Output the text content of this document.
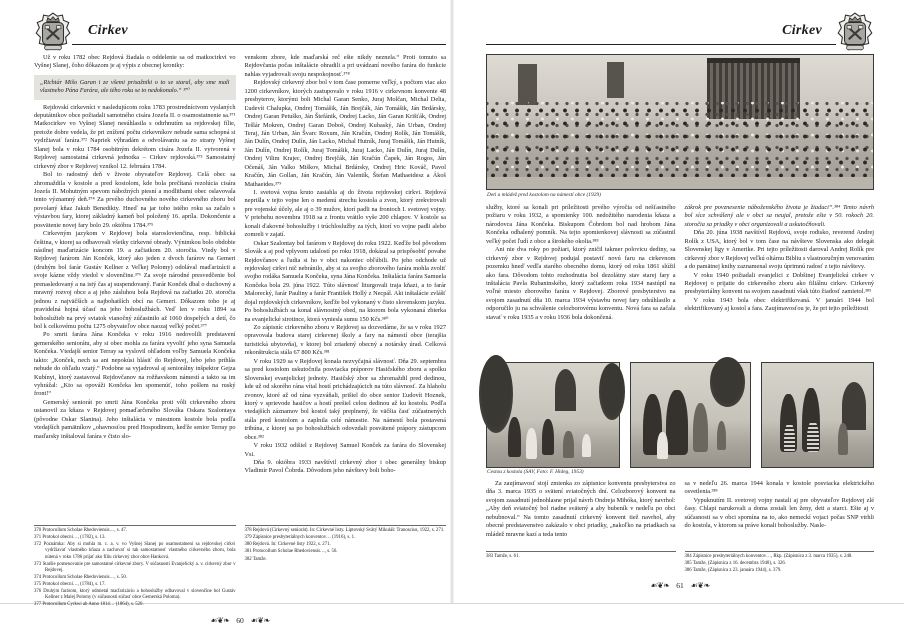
Cirkev

Už v roku 1782 obec Rejdová žiadala o oddelenie sa od matkocirkvi vo Vyšnej Slanej, čoho dôkazom je aj výpis z obecnej kroniky:

„Richtár Mišo Garan i ze všemi prisažniki o to se staral, aby sme mali vlastneho Pána Farára, ale tého roku se to nedokonalo.“ ³⁷⁰

Rejdovskí cirkevníci v nasledujúcom roku 1783 prostredníctvom vyslaných deputátnikov obce požiadali samotného cisára Jozefa II. o osamostatnenie sa.³⁷¹ Matkocirkev vo Vyšnej Slanej nesúhlasila s odtrhnutím sa rejdovskej fílie, pretože dobre vedela, že pri znížení počtu cirkevníkov nebude sama schopná si vydržiavať farára.³⁷² Napriek výhradám a odvolávaniu sa zo strany Vyšnej Slanej bola v roku 1784 osobitným dekrétom cisára Jozefa II. vytvorená v Rejdovej samostatná cirkevná jednotka – Cirkev rejdovská.³⁷³ Samostatný cirkevný zbor v Rejdovej vznikol 12. februára 1784.

Bol to radostný deň v živote obyvateľov Rejdovej. Celá obec sa zhromaždila v kostole a pred kostolom, kde bola prečítaná rezolúcia cisára Jozefa II. Mohutným spevom nábožných piesní a modlitbami obec oslavovala tento významný deň.³⁷⁴ Za prvého duchovného nového cirkevného zboru bol povolaný kňaz Jakub Benedikty. Hneď na jar toho istého roku sa začalo s výstavbou fary, ktorej základný kameň bol položený 16. apríla. Dokončenie a posvätenie novej fary bolo 29. októbra 1784.³⁷⁵

Cirkevným jazykom v Rejdovej bola staroslovienčina, resp. biblická čeština, v ktorej sa odbavovali všetky cirkevné obrady. Výnimkou bolo obdobie násilnej maďarizácie koncom 19. a začiatkom 20. storočia. Vtedy bol v Rejdovej farárom Ján Konček, ktorý ako jeden z dvoch farárov na Gemeri (druhým bol farár Gustáv Kellner z Veľkej Polomy) odolával maďarizácii a svoje kázne vždy viedol v slovenčine.³⁷⁶ Za svoje národné presvedčenie bol prenasledovaný a na istý čas aj suspendovaný. Farár Konček dbal o duchovný a mravný rozvoj obce a aj jeho zásluhou bola Rejdová na začiatku 20. storočia jednou z najväčších a najbohatších obcí na Gemeri. Dôkazom toho je aj pravidelná hojná účasť na jeho bohoslužbách. Veď len v roku 1894 sa bohoslužieb na prvý sviatok vianočný zúčastnilo až 1060 dospelých a detí, čo bol k celkovému počtu 1275 obyvateľov obce naozaj veľký počet.³⁷⁷

Po smrti farára Jána Končeka v roku 1916 nedovolili predstavení gemerského seniorátu, aby si obec mohla za farára vyvoliť jeho syna Samuela Končeka. Vtedajší senior Terray sa vyslovil ohľadom voľby Samuela Končeka takto: „Konček, nech sa ani nepokúsi hlásiť do Rejdovej, lebo jeho prihlás nebude do ohľadu vzatý.“ Podobne sa vyjadroval aj seniorálny inšpektor Gejza Kubínyi, ktorý zastavoval Rejdovčanov na rožňavskom námestí a takto sa im vyhrážal: „Kto sa opováži Končeka len spomenúť, toho pošlem na ruský front!“

Gemerský seniorát po smrti Jána Končeka proti vôli cirkevného zboru ustanovil za kňaza v Rejdovej pomaďarčeného Slováka Oskara Szalontaya (pôvodne Oskar Slanina). Jeho inštalácia v miestnom kostole bola podľa vtedajších pamätníkov „ohavnosťou pred Hospodinom, keďže senior Terray po maďarsky inštaloval farára v čisto slo-

venskom zbore, kde maďarská reč ešte nikdy neznela.“ Proti tomuto sa Rejdovčania počas inštalácie ohradili a pri uvádzaní nového farára do funkcie nahlas vyjadrovali svoju nespokojnosť.³⁷⁸

Rejdovský cirkevný zbor bol v tom čase pomerne veľký, s počtom viac ako 1200 cirkevníkov, ktorých zastupovalo v roku 1916 v cirkevnom konvente 48 presbyterov, ktorými boli Michal Garan Senko, Juraj Molčan, Michal Delia, Ľudevít Chalupka, Ondrej Tomášik, Ján Brejčák, Ján Tomášik, Ján Brdársky, Ondrej Garan Petuško, Ján Štefánik, Ondrej Lacko, Ján Garan Krišťák, Ondrej Tešlár Mokren, Ondrej Garan Doboš, Ondrej Kubaský, Ján Urban, Ondrej Teraj, Ján Urban, Ján Švarc Roxum, Ján Kračún, Ondrej Rolík, Ján Tomášik, Ján Dulín, Ondrej Dulín, Ján Lacko, Michal Hutník, Juraj Tomášik, Ján Hutník, Ján Dulín, Ondrej Rolík, Juraj Tomášik, Juraj Lacko, Ján Dulín, Juraj Dulín, Ondrej Vilim Krajec, Ondrej Brejčák, Ján Kračún Čapek, Ján Rogos, Ján Očenáš, Ján Valko Miškov, Michal Brdársky, Ondrej Hric Kováč, Pavol Kračún, Ján Gollan, Ján Kračún, Ján Valentík, Štefan Mathaeidesz a Ákoš Mathaeides.³⁷⁹

I. svetová vojna kruto zasiahla aj do života rejdovskej cirkvi. Rejdová neprišla v tejto vojne len o medenú strechu kostola a zvon, ktorý zrekvirovali pre vojenské účely, ale aj o 39 mužov, ktorí padli na frontoch I. svetovej vojny. V priebehu novembra 1918 sa z frontu vrátilo vyše 200 chlapov. V kostole sa konali ďakovné bohoslužby i trúchloslužby za tých, ktorí vo vojne padli alebo zomreli v zajatí.

Oskar Szalontay bol farárom v Rejdovej do roku 1922. Keďže bol pôvodom Slovák a aj pod vplyvom udalostí po roku 1918, dokázal sa prispôsobiť povahe Rejdovčanov a ľudia si ho v obci nakoniec obľúbili. Po jeho odchode už rejdovskej cirkvi nič nebránilo, aby si za svojho zborového farára mohla zvoliť svojho rodáka Samuela Končeka, syna Jána Končeka. Inštalácia farára Samuela Končeka bola 29. júna 1922. Túto slávnosť liturgovali traja kňazi, a to farár Malorecký, farár Pauliny a farár František Hollý z Necpál. Akt inštalácie zvlášť dojal rejdovských cirkevníkov, keďže bol vykonaný v čisto slovenskom jazyku. Po bohoslužbách sa konal slávnostný obed, na ktorom bola vykonaná zbierka na evanjelické sirotince, ktorá vyniesla sumu 150 Kčs.³⁸⁰

Zo zápisníc cirkevného zboru v Rejdovej sa dozvedáme, že sa v roku 1927 opravovala budova starej cirkevnej školy a fary na námestí obce (terajšia turistická ubytovňa), v ktorej bol zriadený obecný a notársky úrad. Celková rekonštrukcia stála 67 800 Kčs.³⁸¹

V roku 1929 sa v Rejdovej konala nezvyčajná slávnosť. Dňa 29. septembra sa pred kostolom uskutočnila posviacka práporov Hasičského zboru a spolku Slovenskej evanjelickej jednoty. Hasičský zbor sa zhromaždil pred dedinou, kde už od skorého rána vítal hostí prichádzajúcich na túto slávnosť. Za hlaholu zvonov, ktoré až od rána vyzváňali, prišiel do obce senior Ľudovít Hoznek, ktorý v sprievode hasičov a hostí prešiel celou dedinou až ku kostolu. Podľa vtedajších záznamov bol kostol taký preplnený, že väčšia časť zúčastnených stála pred kostolom a zaplnila celé námestie. Na námestí bola postavená tribúna, z ktorej sa po bohoslužbách odovzdali posvätené prápory zástupcom obce.³⁸²

V roku 1932 odišiel z Rejdovej Samuel Konček za farára do Slovenskej Vsi.

Dňa 9. októbra 1933 navštívil cirkevný zbor i obec generálny biskup Vladimír Pavol Čobrda. Dôvodom jeho návštevy boli boho-

370 Protocollum Scholae Rhedoviensis…, s. 47.

371 Protokol obecní…, (1782), s. 13.

372 Poznámka: Aby si mohla m. c. a. v. vo Vyšnej Slanej po osamostatnení sa rejdovskej cirkvi vydržiavať vlastného kňaza a zachovať si tak samostatnosť vlastného cirkevného zboru, bola nútená v roku 1786 prijať ako fíliu cirkevný zbor obce Hanková.

373 Staršie pomenovanie pre samostatné cirkevné zbory. V súčasnosti Evanjelický a. v. cirkevný zbor v Rejdovej.

374 Protocollum Scholae Rhedoviensis…, s. 50.

375 Protokol obecní…, (1784), s. 17.

376 Druhým farárom, ktorý odmietal maďarizáciu a bohoslužby odbavoval v slovenčine bol Gustáv Kellner z Malej Polomy (v súčasnosti súčasť obce Gemerská Poloma).

377 Protocollum Cyrkwi ab Anno 1814… (1864), s. 520.

378 Rejdová (Cirkevný seniorát). In: Cirkevné listy. Liptovský Svätý Mikuláš: Tranoscius, 1922, s. 271.

379 Zápisnice presbyteriálnych konventov… (1916), s. 1.

380 Rejdová. In: Cirkevné listy 1922, s. 271.

381 Protocollum Scholae Rhedoviensis…, s. 56.

382 Tamže.

☙❦❧ 60 ☙❦❧
Cirkev
Deti a mládež pred kostolom na námestí obce (1929)

služby, ktoré sa konali pri príležitosti prvého výročia od nešťastného požiaru v roku 1932, a spomienky 100. nedožitého narodenia kňaza a národovca Jána Končeka. Biskupom Čobrdom bol nad hrobom Jána Končeka odhalený pomník. Na tejto spomienkovej slávnosti sa zúčastnil veľký počet ľudí z obce a širokého okolia.³⁸³

Ani nie dva roky po požiari, ktorý zničil takmer polovicu dediny, sa cirkevný zbor v Rejdovej podujal postaviť novú faru na cirkevnom pozemku hneď vedľa starého obecného domu, ktorý od roku 1861 slúžil ako fara. Dôvodom tohto rozhodnutia bol dezolátny stav starej fary a inštalácia Pavla Rubaninského, ktorý začiatkom roka 1934 nastúpil na voľné miesto zborového farára v Rejdovej. Zborové presbyterstvo na svojom zasadnutí dňa 10. marca 1934 výstavbu novej fary odsúhlasilo a odporučilo ju na schválenie celozborovému konventu. Nová fara sa začala stavať v roku 1935 a v roku 1936 bola dokončená.

zákrok pre povznesenie náboženského života je žiaduci“.³⁸⁴ Tento návrh bol síce schválený ale v obci sa neujal, pretože ešte v 50. rokoch 20. storočia sa priadky v obci organizovali a uskutočňovali.

Dňa 20. júna 1938 navštívil Rejdovú, svoje rodisko, reverend Andrej Rolík z USA, ktorý bol v tom čase na návšteve Slovenska ako delegát Slovenskej ligy v Amerike. Pri tejto príležitosti daroval Andrej Rolík pre cirkevný zbor v Rejdovej veľkú oltárnu Bibliu s vlastnoručným venovaním a do pamätnej knihy zaznamenal svoju úprimnú radosť z tejto návštevy.

V roku 1940 požiadali evanjelici z Dobšinej Evanjelickú cirkev v Rejdovej o prijatie do cirkevného zboru ako filiálnu cirkev. Cirkevný presbyteriálny konvent na svojom zasadnutí však túto žiadosť zamietol.³⁸⁵

V roku 1943 bola obec elektrifikovaná. V januári 1944 bol elektrifikovaný aj kostol a fara. Zaujímavosťou je, že pri tejto príležitosti

Cestou z kostola (SAV, Foto: F. Hideg, 1953)

Za zaujímavosť stojí zmienka zo zápisnice konventu presbyterstva zo dňa 3. marca 1935 o svätení sviatočných dní. Celozborový konvent na svojom zasadnutí jednohlasne prijal návrh Ondreja Mihóka, ktorý navrhol: „Aby deň sviatočný bol riadne svätený a aby bubeník v nedeľu po obci nebubnoval.“ Na tomto zasadnutí cirkevný konvent tiež navrhol, aby obecné predstavenstvo zakázalo v obci priadky, „nakoľko na priadkach sa mládež mravne kazí a teda tento

sa v nedeľu 26. marca 1944 konala v kostole posviacka elektrického osvetlenia.³⁸⁶

Vypuknutím II. svetovej vojny nastali aj pre obyvateľov Rejdovej zlé časy. Chlapi narukovali a doma zostali len ženy, deti a starci. Ešte aj v súčasnosti sa v obci spomína na to, ako nemeckí vojaci počas SNP vtrhli do kostola, v ktorom sa práve konali bohoslužby. Nasle-

383 Tamže, s. 61.	384 Zápisnice presbyteriálnych konventov…, Rkp. (Zápisnica z 3. marca 1935), s. 248.

385 Tamže, (Zápisnica z 16. decembra 1940), s. 326.

386 Tamže, (Zápisnica z 23. januára 1944), s. 379.

☙❦❧ 61 ☙❦❧
